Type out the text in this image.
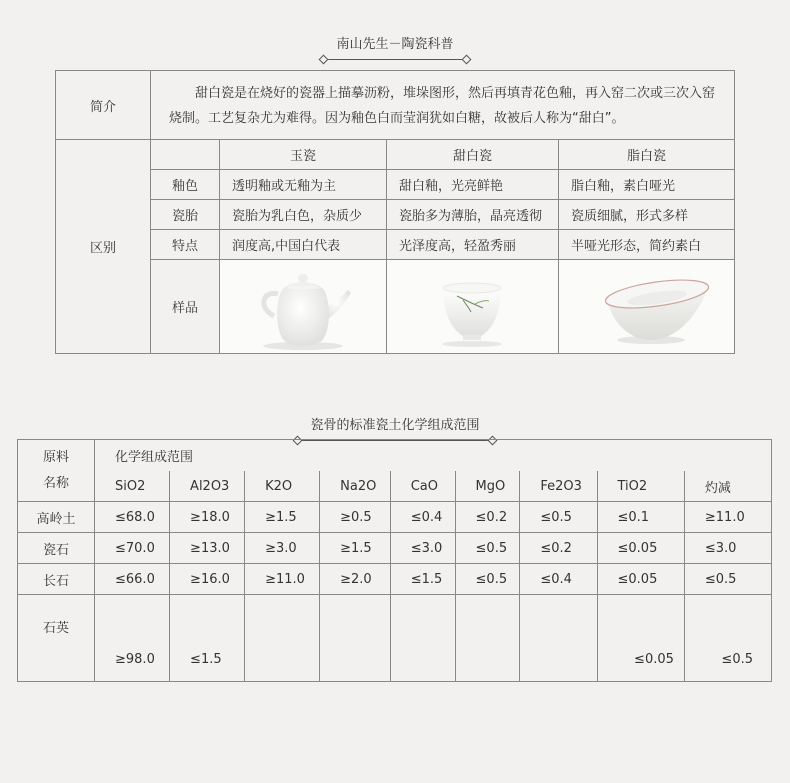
南山先生－陶瓷科普
简介	甜白瓷是在烧好的瓷器上描摹沥粉，堆垛图形，然后再填青花色釉，再入窑二次或三次入窑烧制。工艺复杂尤为难得。因为釉色白而莹润犹如白糖，故被后人称为“甜白”。			
区别		玉瓷	甜白瓷	脂白瓷
	釉色	透明釉或无釉为主	甜白釉，光亮鲜艳	脂白釉，素白哑光
	瓷胎	瓷胎为乳白色，杂质少	瓷胎多为薄胎，晶亮透彻	瓷质细腻，形式多样
	特点	润度高,中国白代表	光泽度高，轻盈秀丽	半哑光形态，简约素白
	样品	

瓷骨的标准瓷土化学组成范围
原料
名称	化学组成范围								
	SiO2	Al2O3	K2O	Na2O	CaO	MgO	Fe2O3	TiO2	灼减
高岭土	≤68.0	≥18.0	≥1.5	≥0.5	≤0.4	≤0.2	≤0.5	≤0.1	≥11.0
瓷石	≤70.0	≥13.0	≥3.0	≥1.5	≤3.0	≤0.5	≤0.2	≤0.05	≤3.0
长石	≤66.0	≥16.0	≥11.0	≥2.0	≤1.5	≤0.5	≤0.4	≤0.05	≤0.5
石英	≥98.0	≤1.5						≤0.05	≤0.5
